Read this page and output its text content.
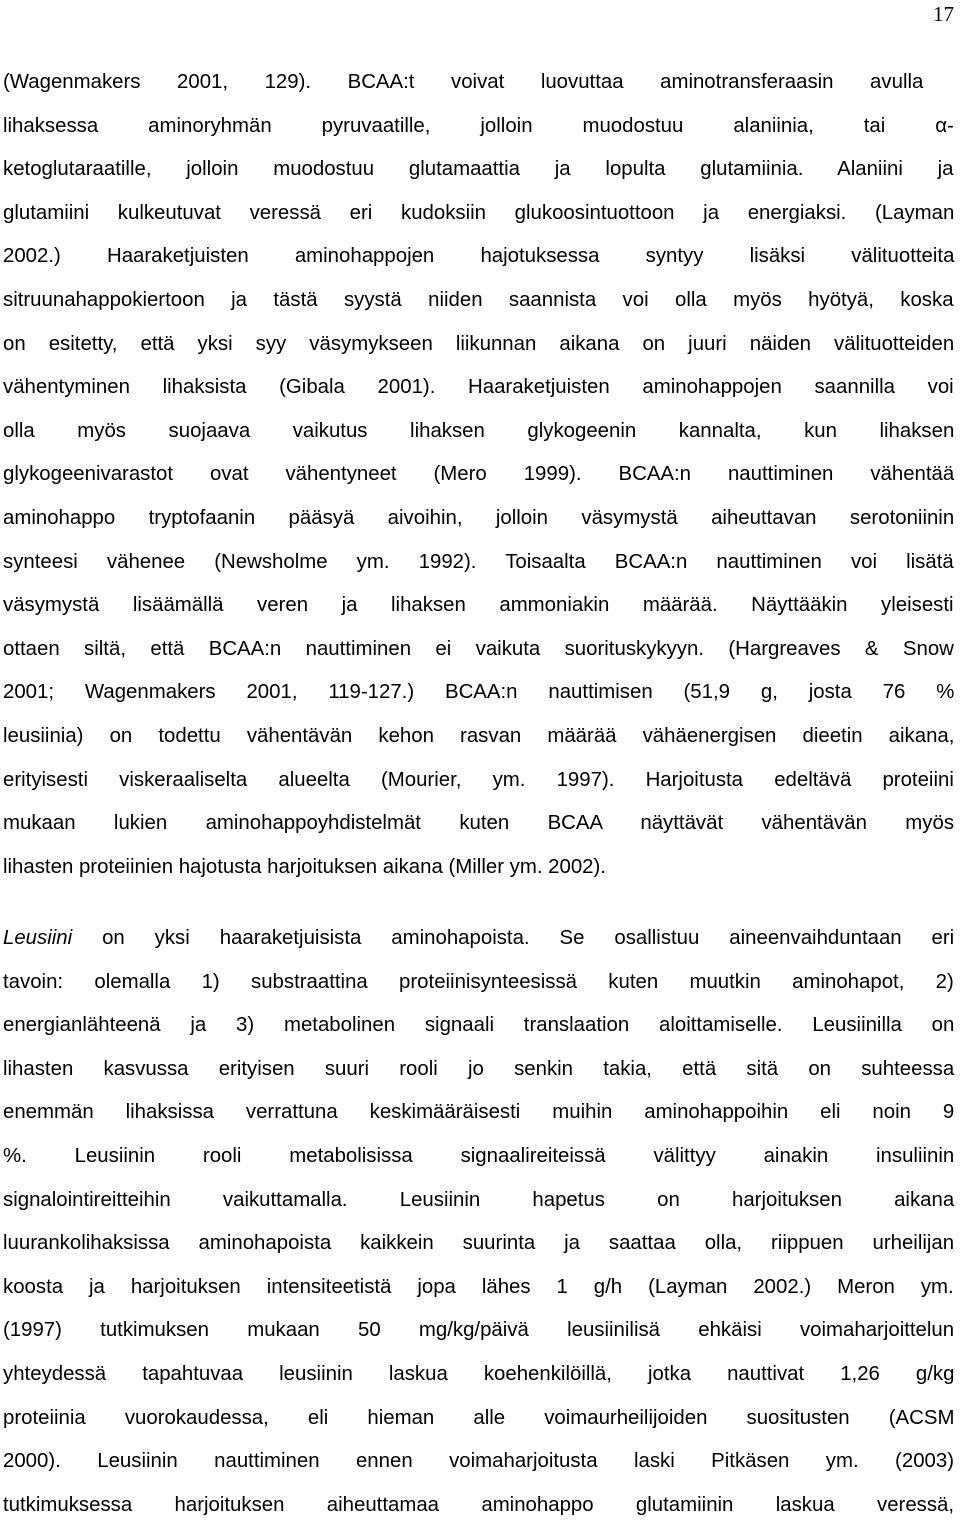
17
(Wagenmakers 2001, 129). BCAA:t voivat luovuttaa aminotransferaasin avulla
lihaksessa aminoryhmän pyruvaatille, jolloin muodostuu alaniinia, tai α-
ketoglutaraatille, jolloin muodostuu glutamaattia ja lopulta glutamiinia. Alaniini ja
glutamiini kulkeutuvat veressä eri kudoksiin glukoosintuottoon ja energiaksi. (Layman
2002.) Haaraketjuisten aminohappojen hajotuksessa syntyy lisäksi välituotteita
sitruunahappokiertoon ja tästä syystä niiden saannista voi olla myös hyötyä, koska
on esitetty, että yksi syy väsymykseen liikunnan aikana on juuri näiden välituotteiden
vähentyminen lihaksista (Gibala 2001). Haaraketjuisten aminohappojen saannilla voi
olla myös suojaava vaikutus lihaksen glykogeenin kannalta, kun lihaksen
glykogeenivarastot ovat vähentyneet (Mero 1999). BCAA:n nauttiminen vähentää
aminohappo tryptofaanin pääsyä aivoihin, jolloin väsymystä aiheuttavan serotoniinin
synteesi vähenee (Newsholme ym. 1992). Toisaalta BCAA:n nauttiminen voi lisätä
väsymystä lisäämällä veren ja lihaksen ammoniakin määrää. Näyttääkin yleisesti
ottaen siltä, että BCAA:n nauttiminen ei vaikuta suorituskykyyn. (Hargreaves & Snow
2001; Wagenmakers 2001, 119-127.) BCAA:n nauttimisen (51,9 g, josta 76 %
leusiinia) on todettu vähentävän kehon rasvan määrää vähäenergisen dieetin aikana,
erityisesti viskeraaliselta alueelta (Mourier, ym. 1997). Harjoitusta edeltävä proteiini
mukaan lukien aminohappoyhdistelmät kuten BCAA näyttävät vähentävän myös
lihasten proteiinien hajotusta harjoituksen aikana (Miller ym. 2002).
Leusiini on yksi haaraketjuisista aminohapoista. Se osallistuu aineenvaihduntaan eri
tavoin: olemalla 1) substraattina proteiinisynteesissä kuten muutkin aminohapot, 2)
energianlähteenä ja 3) metabolinen signaali translaation aloittamiselle. Leusiinilla on
lihasten kasvussa erityisen suuri rooli jo senkin takia, että sitä on suhteessa
enemmän lihaksissa verrattuna keskimääräisesti muihin aminohappoihin eli noin 9
%. Leusiinin rooli metabolisissa signaalireiteissä välittyy ainakin insuliinin
signalointireitteihin vaikuttamalla. Leusiinin hapetus on harjoituksen aikana
luurankolihaksissa aminohapoista kaikkein suurinta ja saattaa olla, riippuen urheilijan
koosta ja harjoituksen intensiteetistä jopa lähes 1 g/h (Layman 2002.) Meron ym.
(1997) tutkimuksen mukaan 50 mg/kg/päivä leusiinilisä ehkäisi voimaharjoittelun
yhteydessä tapahtuvaa leusiinin laskua koehenkilöillä, jotka nauttivat 1,26 g/kg
proteiinia vuorokaudessa, eli hieman alle voimaurheilijoiden suositusten (ACSM
2000). Leusiinin nauttiminen ennen voimaharjoitusta laski Pitkäsen ym. (2003)
tutkimuksessa harjoituksen aiheuttamaa aminohappo glutamiinin laskua veressä,
